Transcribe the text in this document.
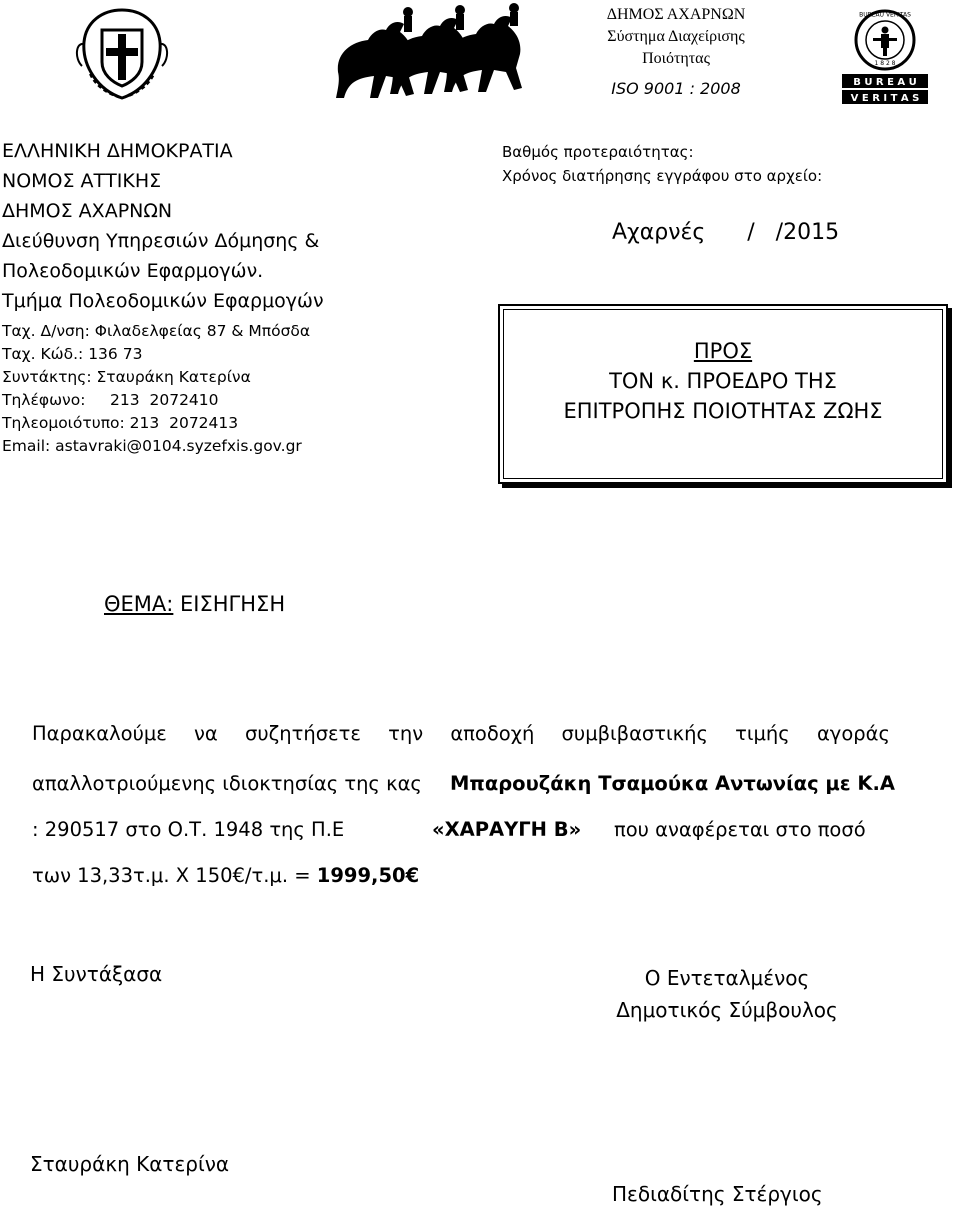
ΔΗΜΟΣ ΑΧΑΡΝΩΝ
Σύστημα Διαχείρισης
Ποιότητας
ISO 9001 : 2008
BUREAU VERITAS
B U R E A U
V E R I T A S
1 8 2 8
ΕΛΛΗΝΙΚΗ ΔΗΜΟΚΡΑΤΙΑ
ΝΟΜΟΣ ΑΤΤΙΚΗΣ
ΔΗΜΟΣ ΑΧΑΡΝΩΝ
Διεύθυνση Υπηρεσιών Δόμησης &
Πολεοδομικών Εφαρμογών.
Τμήμα Πολεοδομικών Εφαρμογών
Ταχ. Δ/νση: Φιλαδελφείας 87 & Μπόσδα
Ταχ. Κώδ.: 136 73
Συντάκτης: Σταυράκη Κατερίνα
Τηλέφωνο:     213  2072410
Τηλεομοιότυπο: 213  2072413
Email: astavraki@0104.syzefxis.gov.gr
Βαθμός προτεραιότητας:
Χρόνος διατήρησης εγγράφου στο αρχείο:
Αχαρνές      /   /2015
ΠΡΟΣ
ΤΟΝ κ. ΠΡΟΕΔΡΟ ΤΗΣ
ΕΠΙΤΡΟΠΗΣ ΠΟΙΟΤΗΤΑΣ ΖΩΗΣ
ΘΕΜΑ: ΕΙΣΗΓΗΣΗ
Παρακαλούμε να συζητήσετε την αποδοχή συμβιβαστικής τιμής αγοράς
απαλλοτριούμενης ιδιοκτησίας της κας Μπαρουζάκη Τσαμούκα Αντωνίας με Κ.Α
: 290517 στο Ο.Τ. 1948 της Π.Ε	«ΧΑΡΑΥΓΗ Β» που αναφέρεται στο ποσό
των 13,33τ.μ. Χ 150€/τ.μ. = 1999,50€
Η Συντάξασα	Ο Εντεταλμένος
Δημοτικός Σύμβουλος
Σταυράκη Κατερίνα
Πεδιαδίτης Στέργιος
